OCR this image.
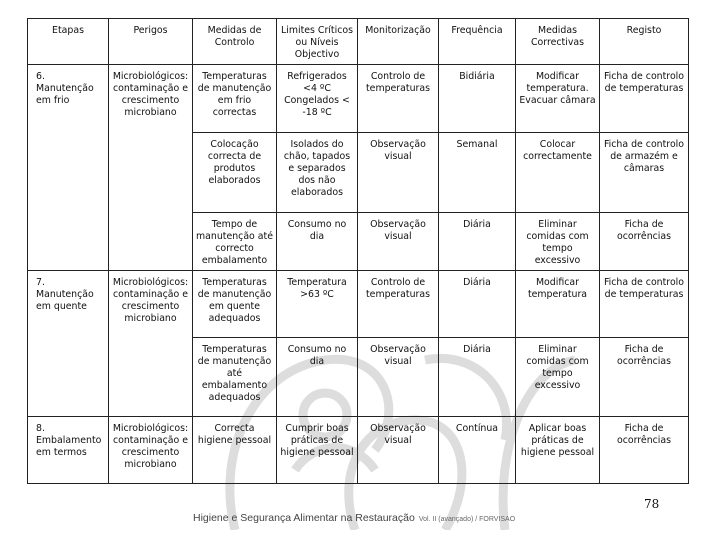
Etapas	Perigos	Medidas de Controlo	Limites Críticos ou Níveis Objectivo	Monitorização	Frequência	Medidas Correctivas	Registo
6. Manutenção em frio	Microbiológicos: contaminação e crescimento microbiano	Temperaturas de manutenção em frio correctas	Refrigerados <4 ºC Congelados < -18 ºC	Controlo de temperaturas	Bidiária	Modificar temperatura. Evacuar câmara	Ficha de controlo de temperaturas
		Colocação correcta de produtos elaborados	Isolados do chão, tapados e separados dos não elaborados	Observação visual	Semanal	Colocar correctamente	Ficha de controlo de armazém e câmaras
		Tempo de manutenção até correcto embalamento	Consumo no dia	Observação visual	Diária	Eliminar comidas com tempo excessivo	Ficha de ocorrências
7. Manutenção em quente	Microbiológicos: contaminação e crescimento microbiano	Temperaturas de manutenção em quente adequados	Temperatura >63 ºC	Controlo de temperaturas	Diária	Modificar temperatura	Ficha de controlo de temperaturas
		Temperaturas de manutenção até embalamento adequados	Consumo no dia	Observação visual	Diária	Eliminar comidas com tempo excessivo	Ficha de ocorrências
8. Embalamento em termos	Microbiológicos: contaminação e crescimento microbiano	Correcta higiene pessoal	Cumprir boas práticas de higiene pessoal	Observação visual	Contínua	Aplicar boas práticas de higiene pessoal	Ficha de ocorrências
78
Higiene e Segurança Alimentar na Restauração Vol. II (avançado) / FORVISAO
